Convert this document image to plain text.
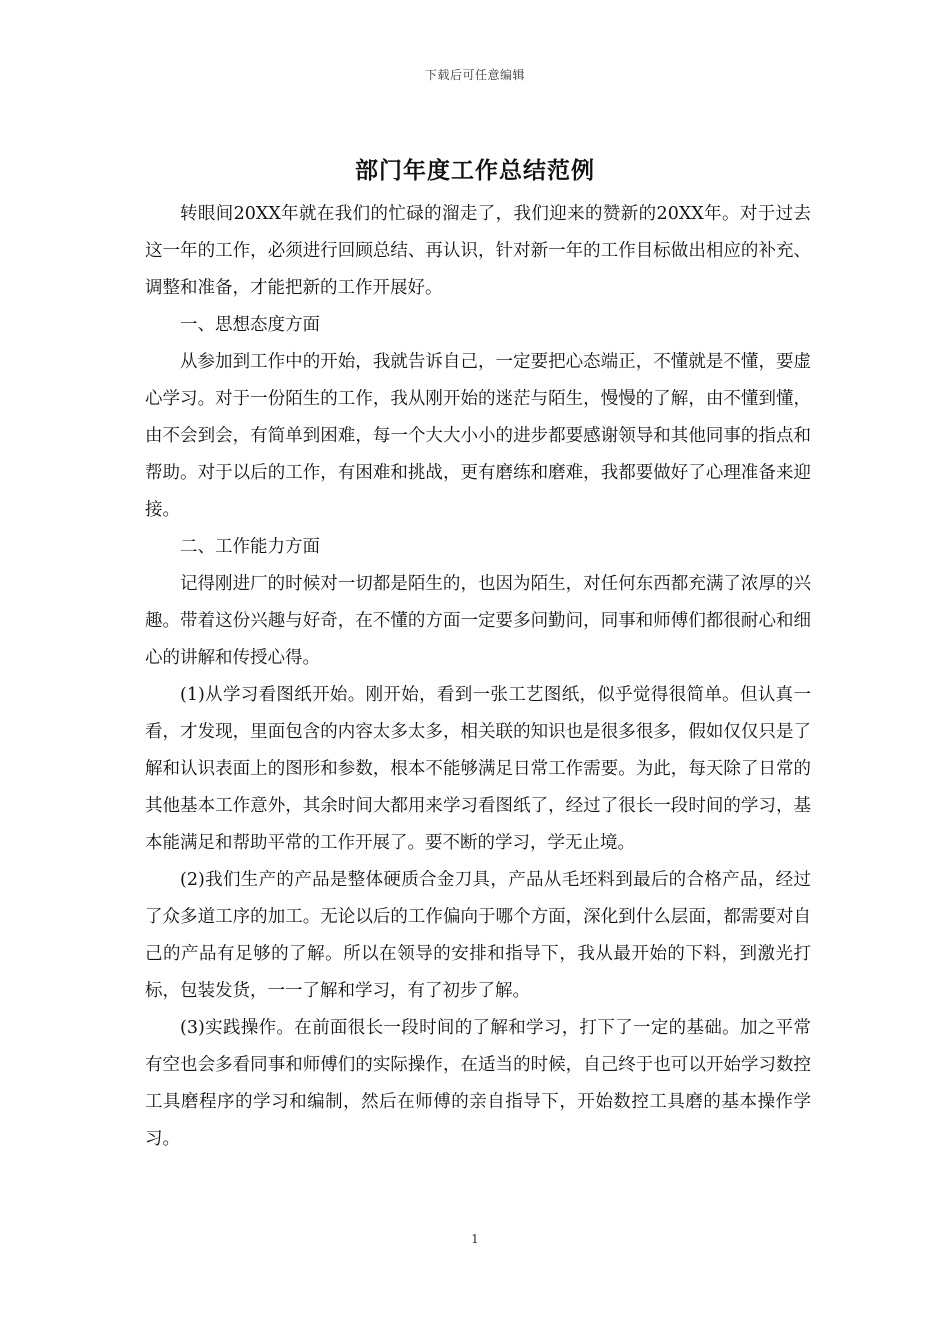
下载后可任意编辑
部门年度工作总结范例

转眼间20XX年就在我们的忙碌的溜走了，我们迎来的赞新的20XX年。对于过去这一年的工作，必须进行回顾总结、再认识，针对新一年的工作目标做出相应的补充、调整和准备，才能把新的工作开展好。

一、思想态度方面

从参加到工作中的开始，我就告诉自己，一定要把心态端正，不懂就是不懂，要虚心学习。对于一份陌生的工作，我从刚开始的迷茫与陌生，慢慢的了解，由不懂到懂，由不会到会，有简单到困难，每一个大大小小的进步都要感谢领导和其他同事的指点和帮助。对于以后的工作，有困难和挑战，更有磨练和磨难，我都要做好了心理准备来迎接。

二、工作能力方面

记得刚进厂的时候对一切都是陌生的，也因为陌生，对任何东西都充满了浓厚的兴趣。带着这份兴趣与好奇，在不懂的方面一定要多问勤问，同事和师傅们都很耐心和细心的讲解和传授心得。

(1)从学习看图纸开始。刚开始，看到一张工艺图纸，似乎觉得很简单。但认真一看，才发现，里面包含的内容太多太多，相关联的知识也是很多很多，假如仅仅只是了解和认识表面上的图形和参数，根本不能够满足日常工作需要。为此，每天除了日常的其他基本工作意外，其余时间大都用来学习看图纸了，经过了很长一段时间的学习，基本能满足和帮助平常的工作开展了。要不断的学习，学无止境。

(2)我们生产的产品是整体硬质合金刀具，产品从毛坯料到最后的合格产品，经过了众多道工序的加工。无论以后的工作偏向于哪个方面，深化到什么层面，都需要对自己的产品有足够的了解。所以在领导的安排和指导下，我从最开始的下料，到激光打标，包装发货，一一了解和学习，有了初步了解。

(3)实践操作。在前面很长一段时间的了解和学习，打下了一定的基础。加之平常有空也会多看同事和师傅们的实际操作，在适当的时候，自己终于也可以开始学习数控工具磨程序的学习和编制，然后在师傅的亲自指导下，开始数控工具磨的基本操作学习。

1
